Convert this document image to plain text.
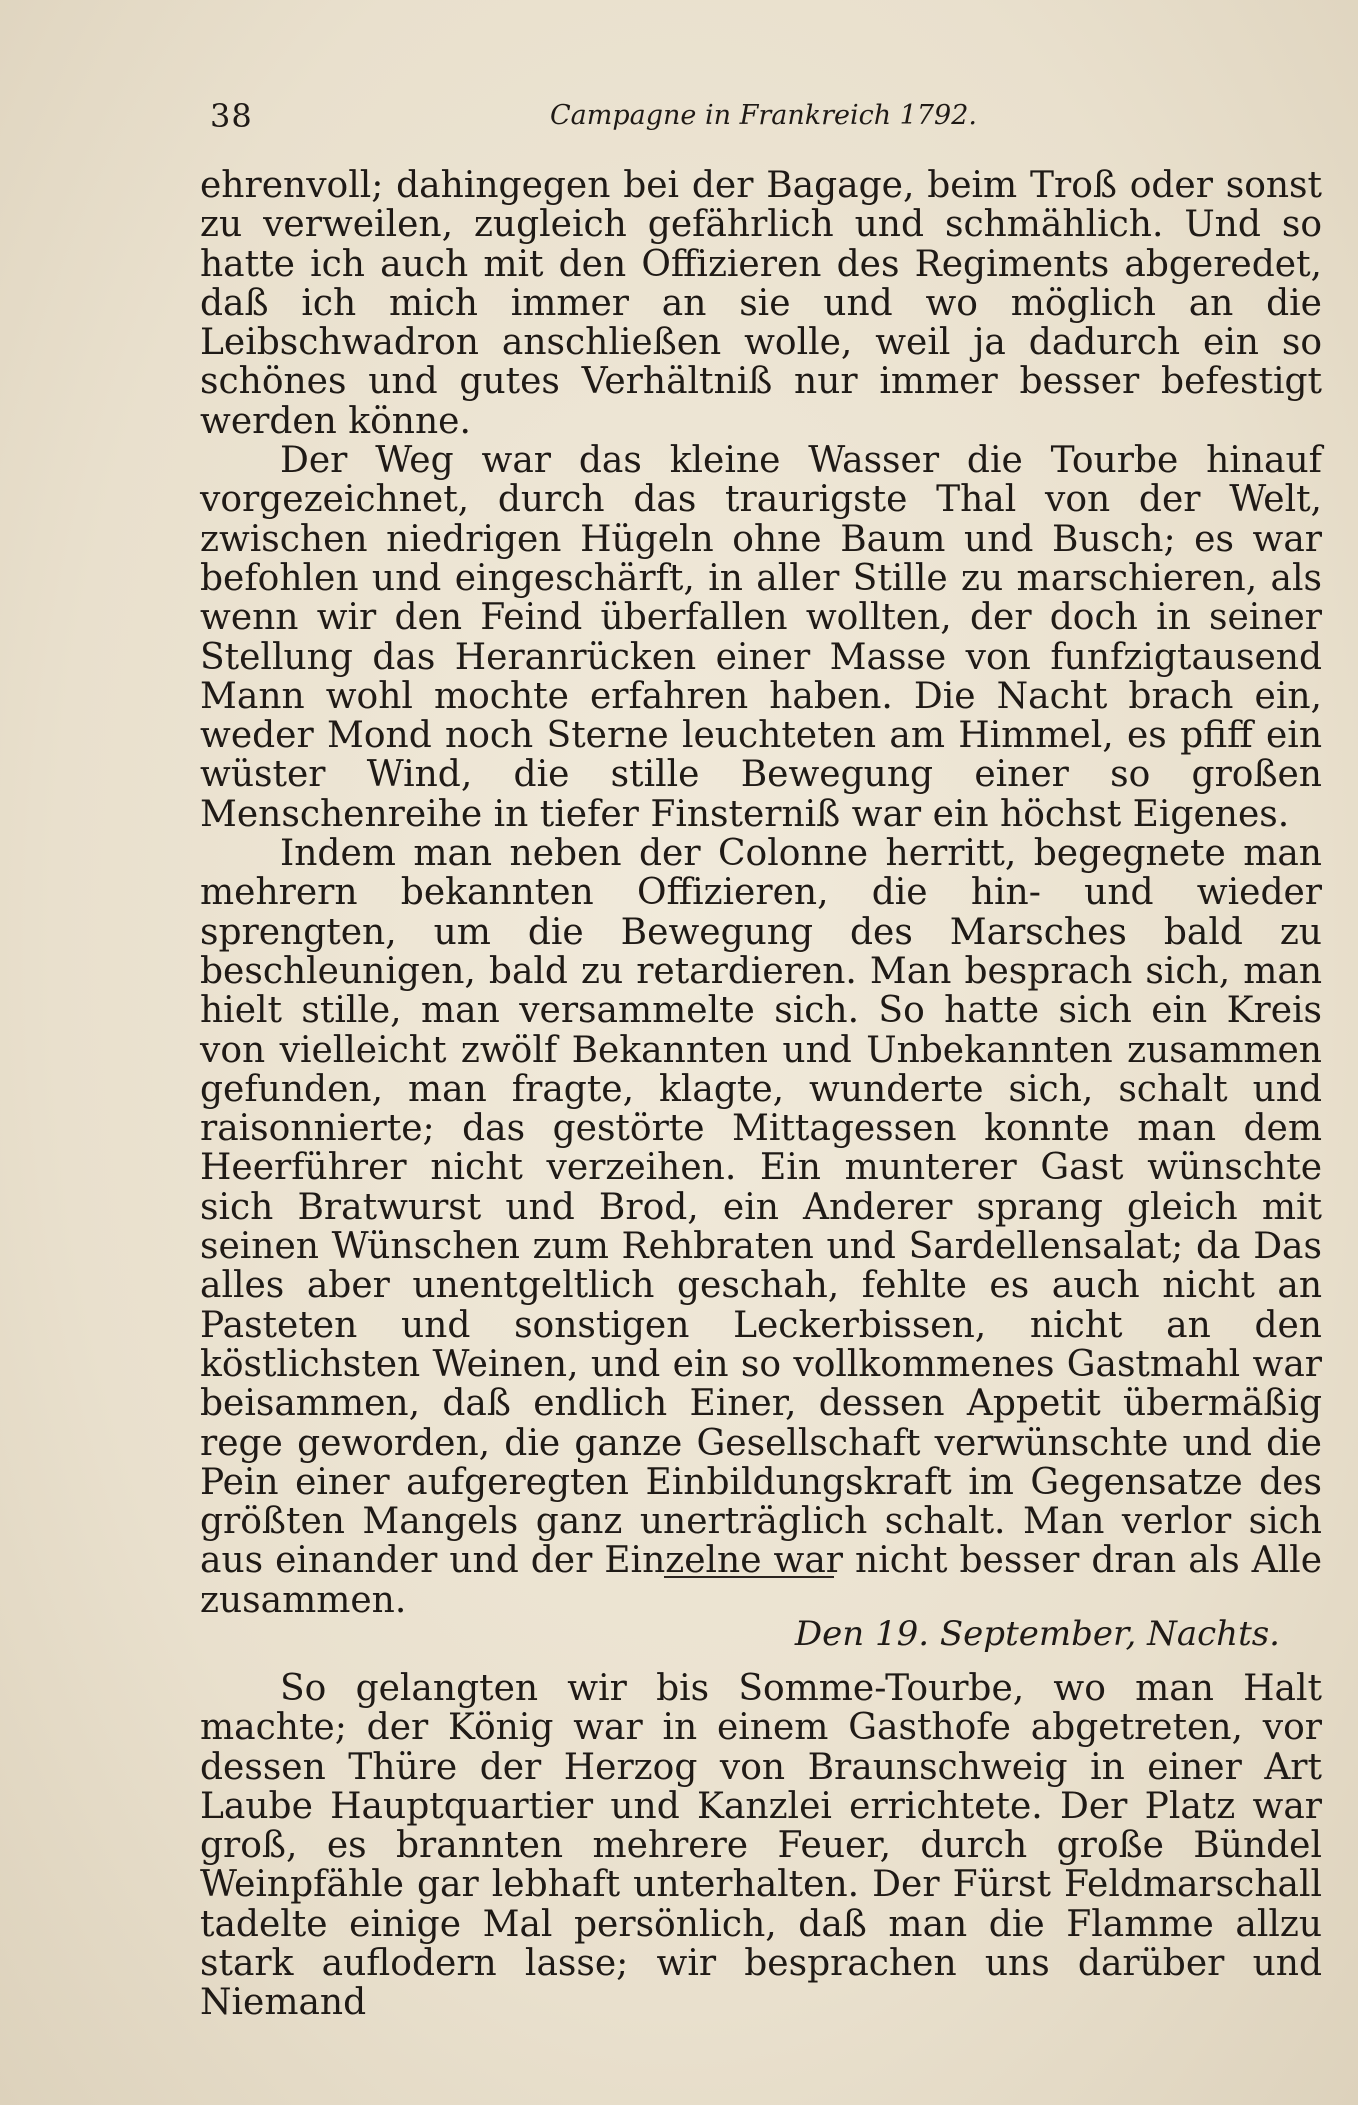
38	Campagne in Frankreich 1792.

ehrenvoll; dahingegen bei der Bagage, beim Troß oder sonst zu verweilen, zugleich gefährlich und schmählich. Und so hatte ich auch mit den Offizieren des Regiments abgeredet, daß ich mich immer an sie und wo möglich an die Leibschwadron anschließen wolle, weil ja dadurch ein so schönes und gutes Verhältniß nur immer besser befestigt werden könne.

Der Weg war das kleine Wasser die Tourbe hinauf vorgezeichnet, durch das traurigste Thal von der Welt, zwischen niedrigen Hügeln ohne Baum und Busch; es war befohlen und eingeschärft, in aller Stille zu marschieren, als wenn wir den Feind überfallen wollten, der doch in seiner Stellung das Heranrücken einer Masse von funfzigtausend Mann wohl mochte erfahren haben. Die Nacht brach ein, weder Mond noch Sterne leuchteten am Himmel, es pfiff ein wüster Wind, die stille Bewegung einer so großen Menschenreihe in tiefer Finsterniß war ein höchst Eigenes.

Indem man neben der Colonne herritt, begegnete man mehrern bekannten Offizieren, die hin- und wieder sprengten, um die Bewegung des Marsches bald zu beschleunigen, bald zu retardieren. Man besprach sich, man hielt stille, man versammelte sich. So hatte sich ein Kreis von vielleicht zwölf Bekannten und Unbekannten zusammen gefunden, man fragte, klagte, wunderte sich, schalt und raisonnierte; das gestörte Mittagessen konnte man dem Heerführer nicht verzeihen. Ein munterer Gast wünschte sich Bratwurst und Brod, ein Anderer sprang gleich mit seinen Wünschen zum Rehbraten und Sardellensalat; da Das alles aber unentgeltlich geschah, fehlte es auch nicht an Pasteten und sonstigen Leckerbissen, nicht an den köstlichsten Weinen, und ein so vollkommenes Gastmahl war beisammen, daß endlich Einer, dessen Appetit übermäßig rege geworden, die ganze Gesellschaft verwünschte und die Pein einer aufgeregten Einbildungskraft im Gegensatze des größten Mangels ganz unerträglich schalt. Man verlor sich aus einander und der Einzelne war nicht besser dran als Alle zusammen.

Den 19. September, Nachts.

So gelangten wir bis Somme-Tourbe, wo man Halt machte; der König war in einem Gasthofe abgetreten, vor dessen Thüre der Herzog von Braunschweig in einer Art Laube Hauptquartier und Kanzlei errichtete. Der Platz war groß, es brannten mehrere Feuer, durch große Bündel Weinpfähle gar lebhaft unterhalten. Der Fürst Feldmarschall tadelte einige Mal persönlich, daß man die Flamme allzu stark auflodern lasse; wir besprachen uns darüber und Niemand
